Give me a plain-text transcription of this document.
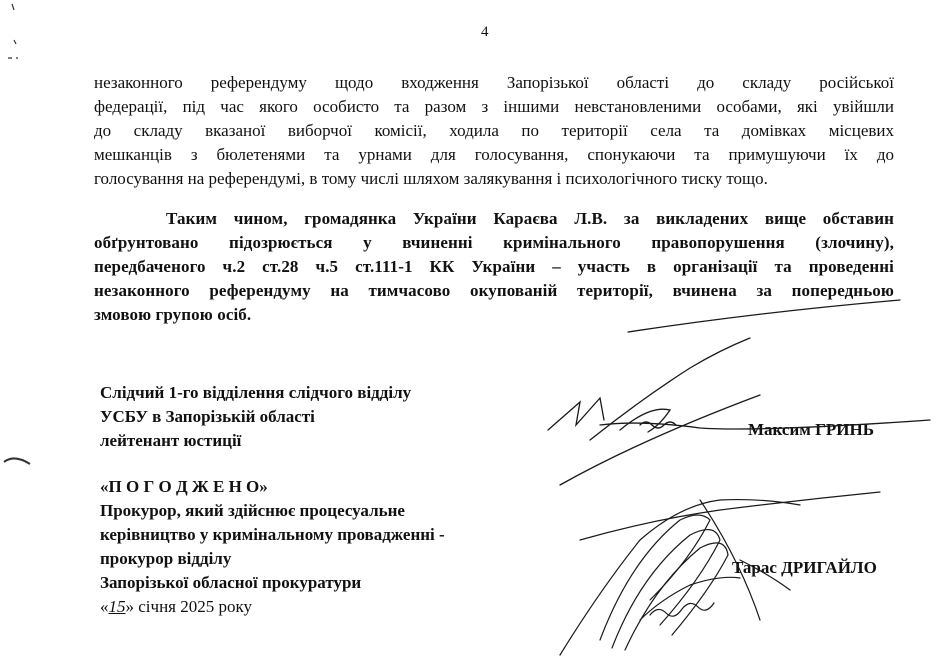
4

незаконного референдуму щодо входження Запорізької області до складу російської
федерації, під час якого особисто та разом з іншими невстановленими особами, які увійшли
до складу вказаної виборчої комісії, ходила по території села та домівках місцевих
мешканців з бюлетенями та урнами для голосування, спонукаючи та примушуючи їх до
голосування на референдумі, в тому числі шляхом залякування і психологічного тиску тощо.

Таким чином, громадянка України Караєва Л.В. за викладених вище обставин
обґрунтовано підозрюється у вчиненні кримінального правопорушення (злочину),
передбаченого ч.2 ст.28 ч.5 ст.111-1 КК України – участь в організації та проведенні
незаконного референдуму на тимчасово окупованій території, вчинена за попередньою
змовою групою осіб.

Слідчий 1-го відділення слідчого відділу
УСБУ в Запорізькій області
лейтенант юстиції
Максим ГРИНЬ
«П О Г О Д Ж Е Н О»
Прокурор, який здійснює процесуальне
керівництво у кримінальному провадженні -
прокурор відділу
Запорізької обласної прокуратури
«15» січня 2025 року
Тарас ДРИГАЙЛО
